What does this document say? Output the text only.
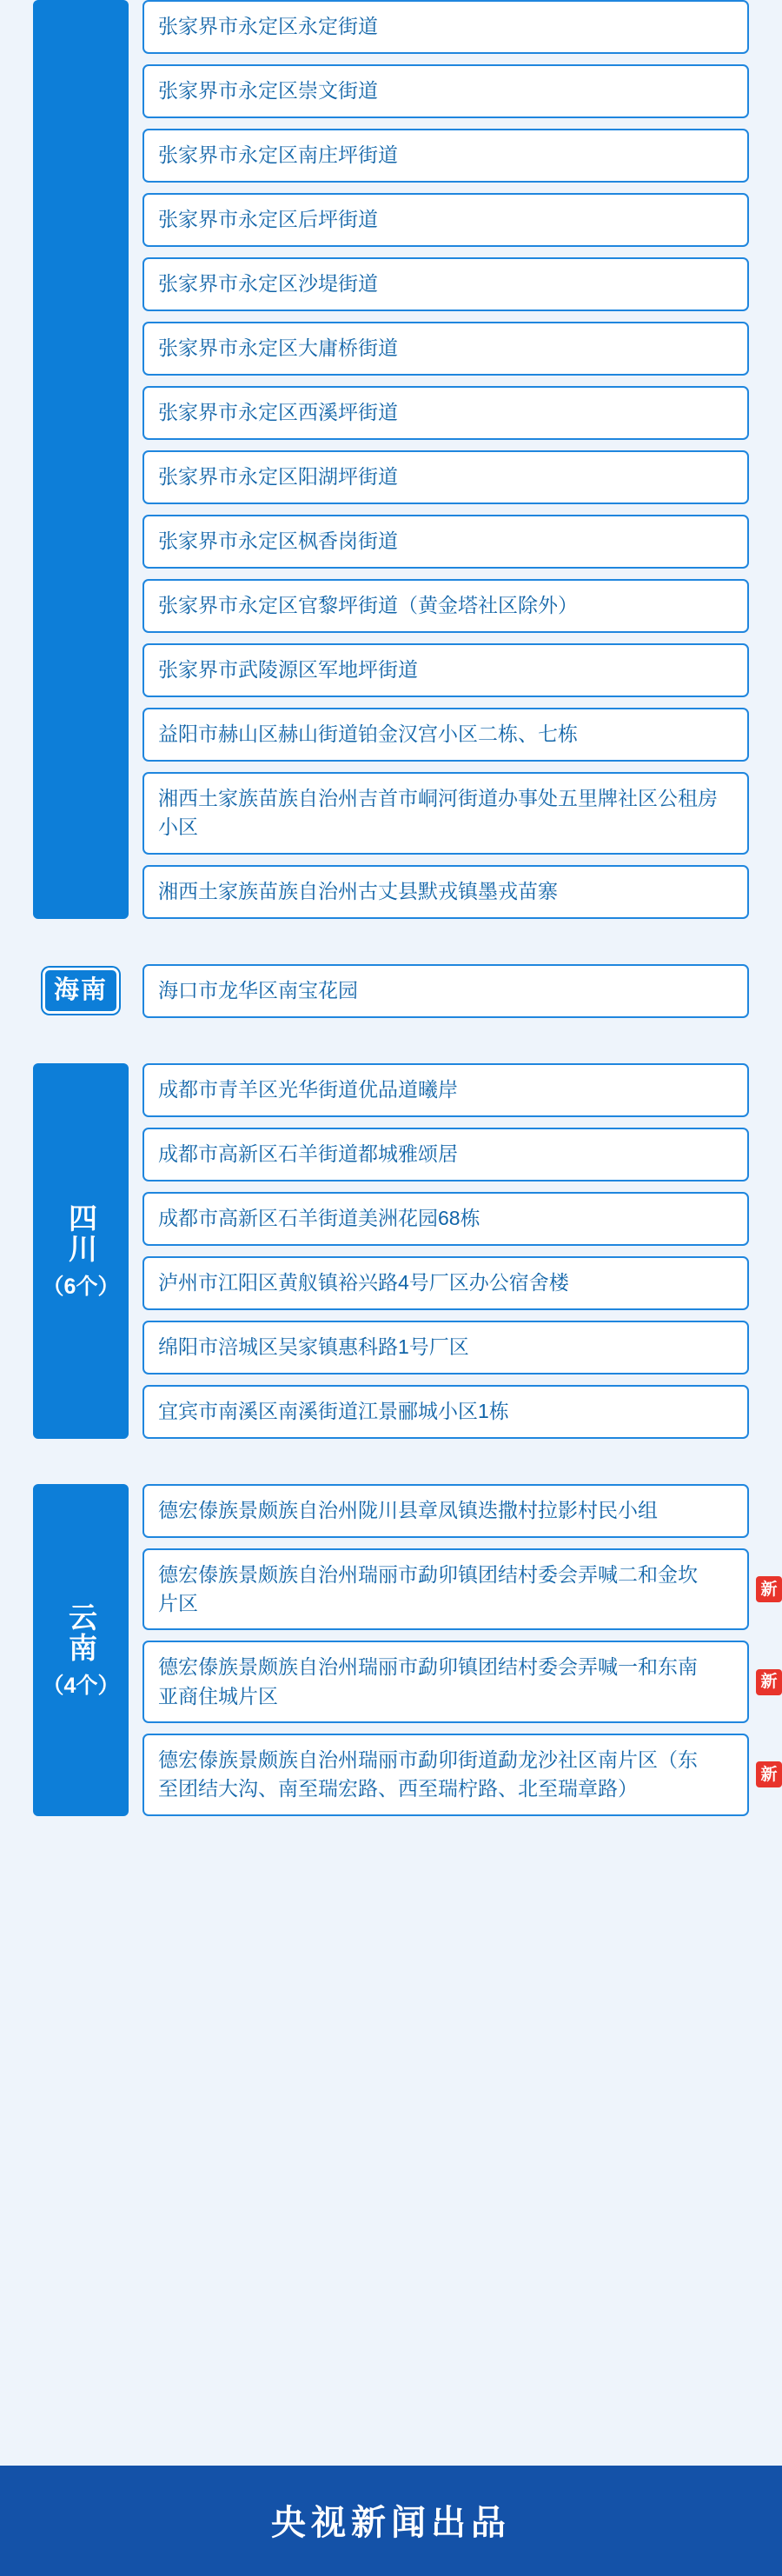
张家界市永定区永定街道
张家界市永定区崇文街道
张家界市永定区南庄坪街道
张家界市永定区后坪街道
张家界市永定区沙堤街道
张家界市永定区大庸桥街道
张家界市永定区西溪坪街道
张家界市永定区阳湖坪街道
张家界市永定区枫香岗街道
张家界市永定区官黎坪街道（黄金塔社区除外）
张家界市武陵源区军地坪街道
益阳市赫山区赫山街道铂金汉宫小区二栋、七栋
湘西土家族苗族自治州吉首市峒河街道办事处五里牌社区公租房小区
湘西土家族苗族自治州古丈县默戎镇墨戎苗寨
海南	海口市龙华区南宝花园
四川
（6个）
成都市青羊区光华街道优品道曦岸
成都市高新区石羊街道都城雅颂居
成都市高新区石羊街道美洲花园68栋
泸州市江阳区黄舣镇裕兴路4号厂区办公宿舍楼
绵阳市涪城区吴家镇惠科路1号厂区
宜宾市南溪区南溪街道江景郦城小区1栋
云南
（4个）
德宏傣族景颇族自治州陇川县章凤镇迭撒村拉影村民小组
德宏傣族景颇族自治州瑞丽市勐卯镇团结村委会弄喊二和金坎片区
新
德宏傣族景颇族自治州瑞丽市勐卯镇团结村委会弄喊一和东南亚商住城片区
新
德宏傣族景颇族自治州瑞丽市勐卯街道勐龙沙社区南片区（东至团结大沟、南至瑞宏路、西至瑞柠路、北至瑞章路）
新
央视新闻出品
